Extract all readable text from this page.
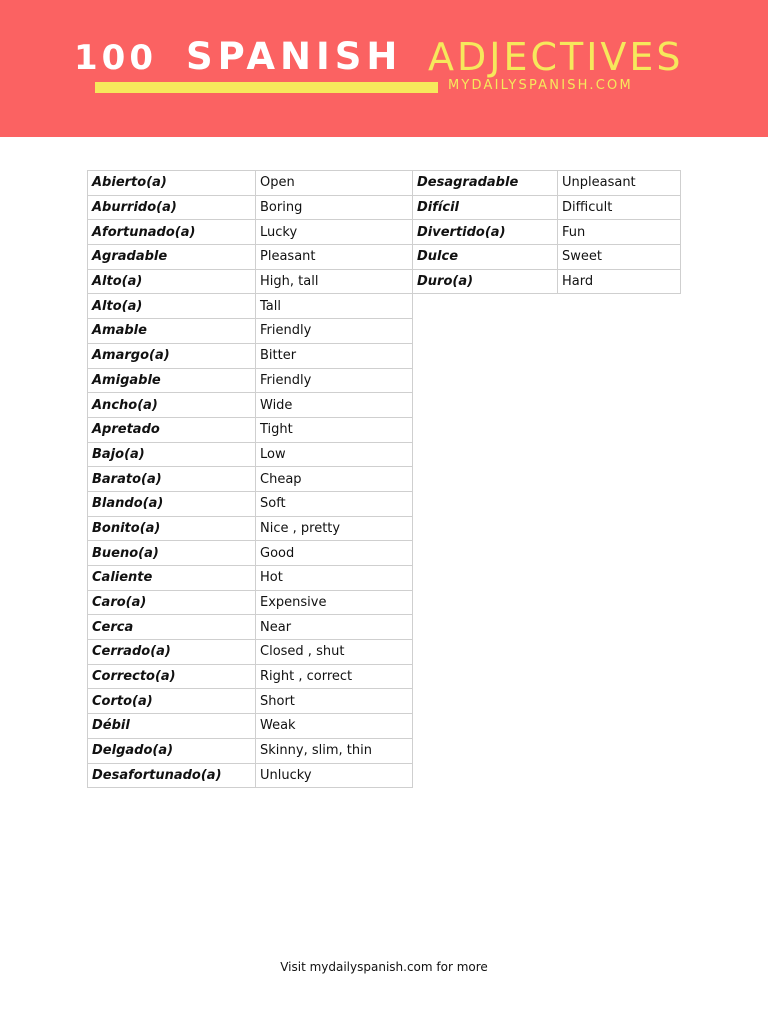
100 SPANISH ADJECTIVES
MYDAILYSPANISH.COM
Abierto(a)	Open
Aburrido(a)	Boring
Afortunado(a)	Lucky
Agradable	Pleasant
Alto(a)	High, tall
Alto(a)	Tall
Amable	Friendly
Amargo(a)	Bitter
Amigable	Friendly
Ancho(a)	Wide
Apretado	Tight
Bajo(a)	Low
Barato(a)	Cheap
Blando(a)	Soft
Bonito(a)	Nice , pretty
Bueno(a)	Good
Caliente	Hot
Caro(a)	Expensive
Cerca	Near
Cerrado(a)	Closed , shut
Correcto(a)	Right , correct
Corto(a)	Short
Débil	Weak
Delgado(a)	Skinny, slim, thin
Desafortunado(a)	Unlucky
Desagradable	Unpleasant
Difícil	Difficult
Divertido(a)	Fun
Dulce	Sweet
Duro(a)	Hard
Visit mydailyspanish.com for more
